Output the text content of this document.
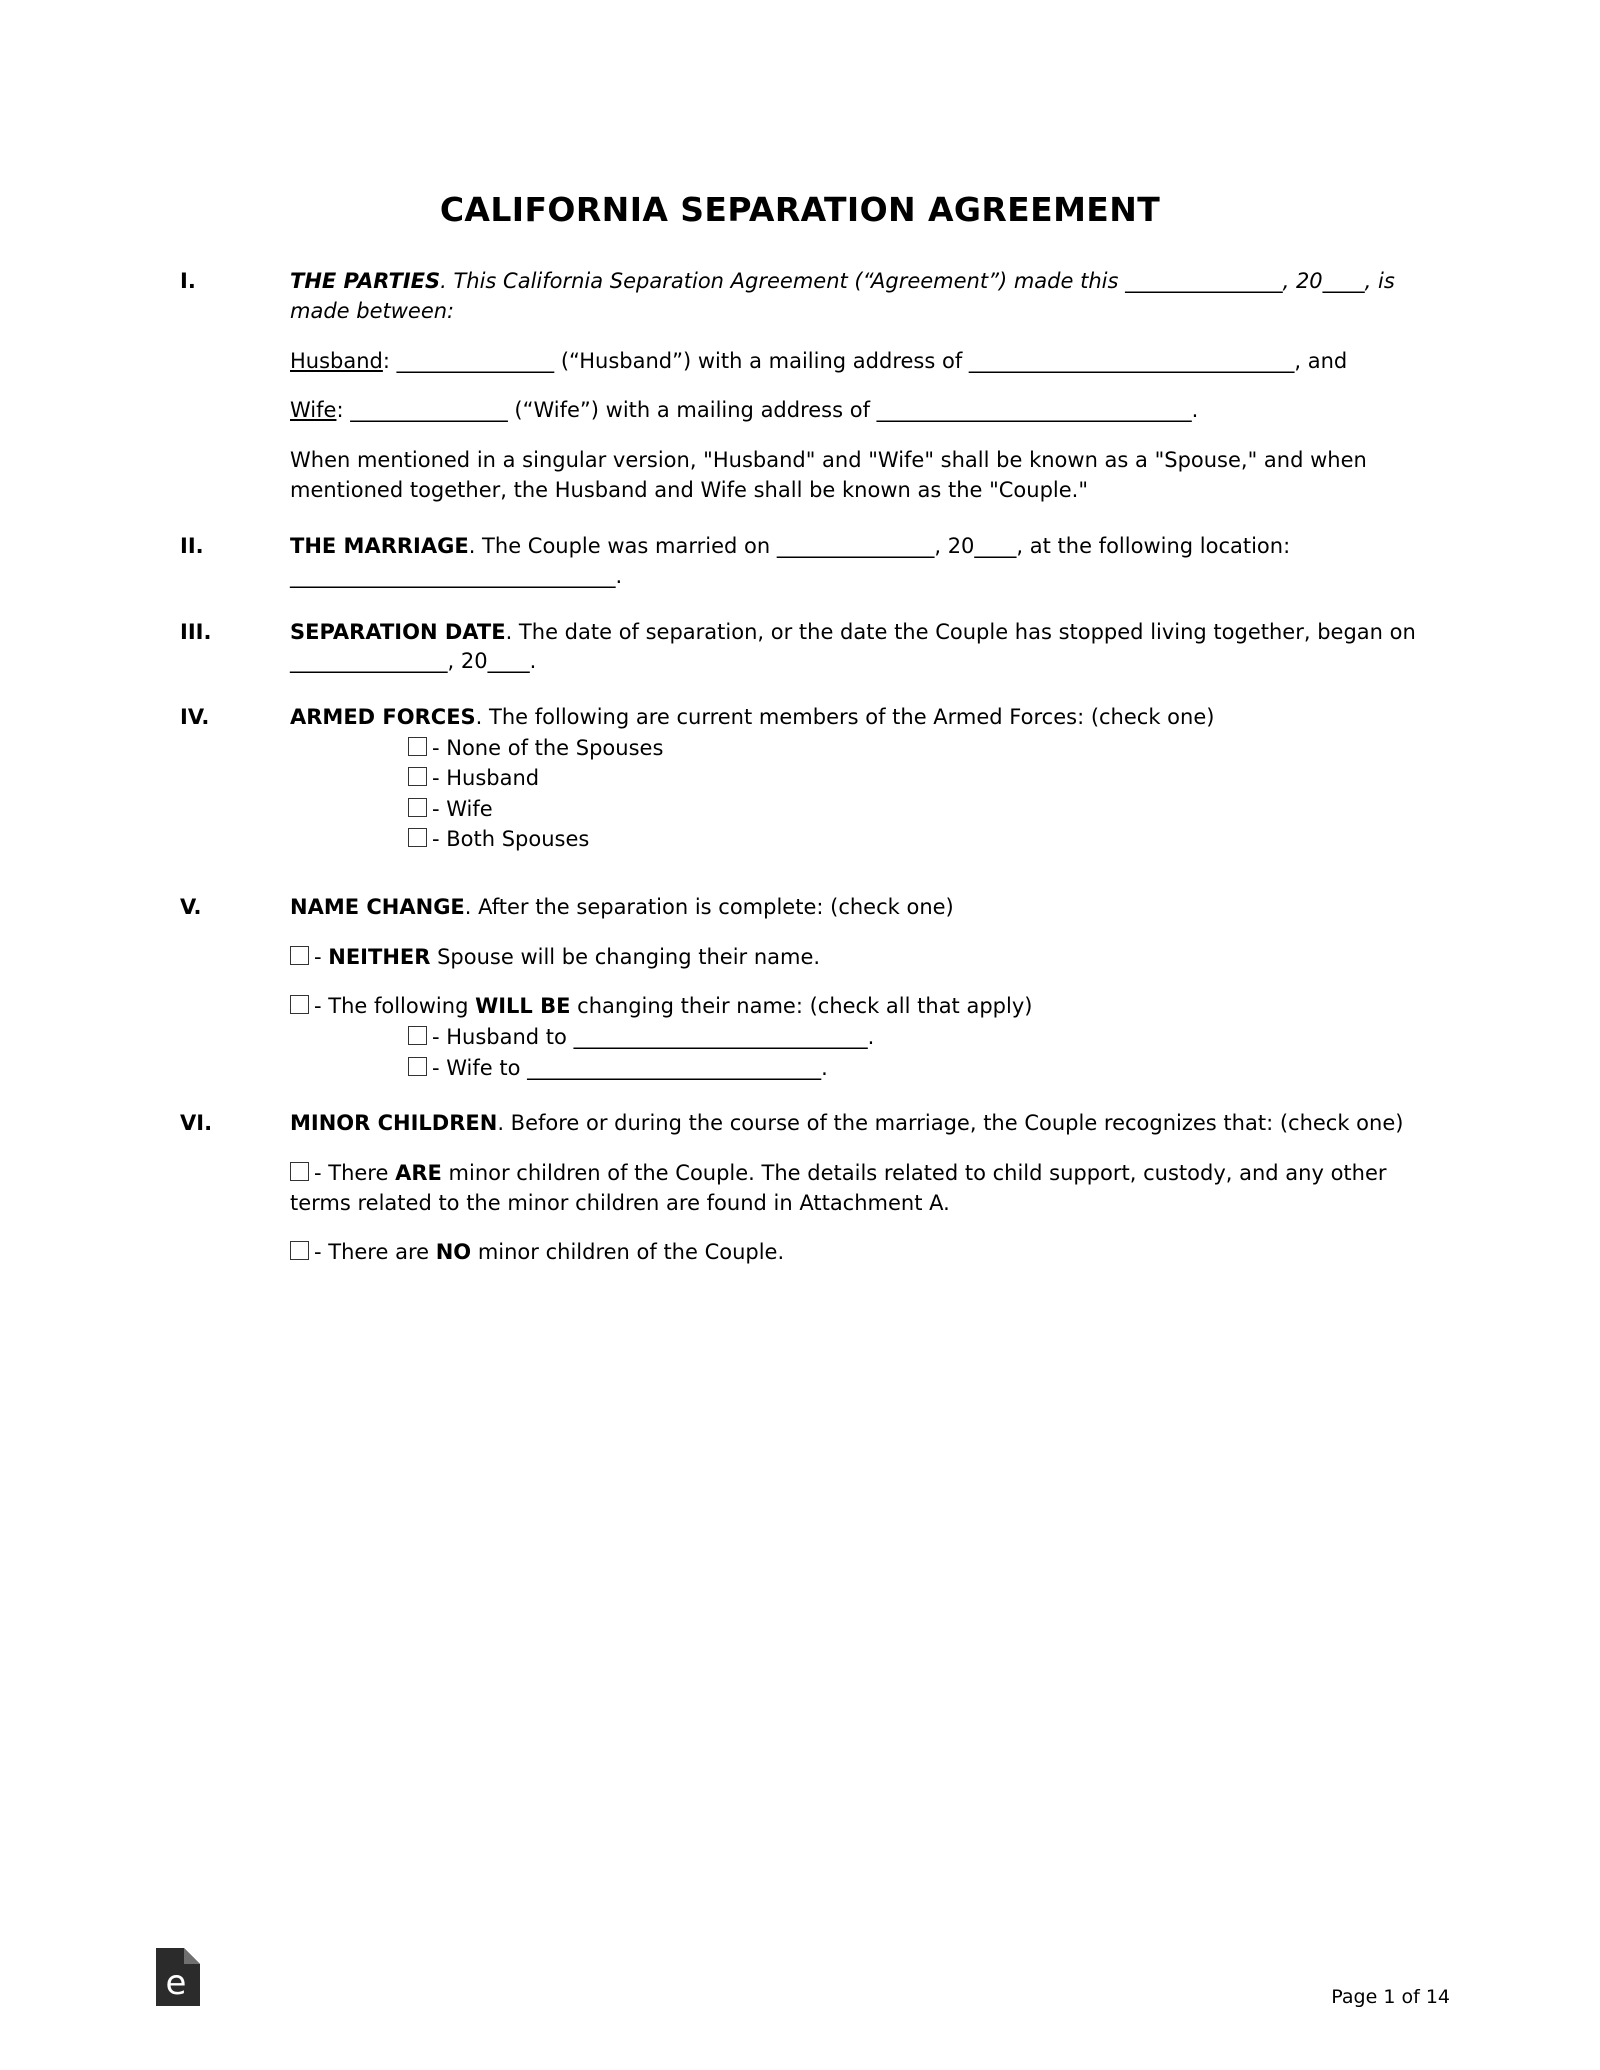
CALIFORNIA SEPARATION AGREEMENT
I.	THE PARTIES. This California Separation Agreement (“Agreement”) made this _______________, 20____, is made between:

Husband: _______________ (“Husband”) with a mailing address of _______________________________, and

Wife: _______________ (“Wife”) with a mailing address of ______________________________.

When mentioned in a singular version, "Husband" and "Wife" shall be known as a "Spouse," and when mentioned together, the Husband and Wife shall be known as the "Couple."

II.	THE MARRIAGE. The Couple was married on _______________, 20____, at the following location: _______________________________.

III.	SEPARATION DATE. The date of separation, or the date the Couple has stopped living together, began on _______________, 20____.

IV.	ARMED FORCES. The following are current members of the Armed Forces: (check one)

- None of the Spouses

- Husband

- Wife

- Both Spouses

V.	NAME CHANGE. After the separation is complete: (check one)

- NEITHER Spouse will be changing their name.

- The following WILL BE changing their name: (check all that apply)

- Husband to ____________________________.

- Wife to ____________________________.

VI.	MINOR CHILDREN. Before or during the course of the marriage, the Couple recognizes that: (check one)

- There ARE minor children of the Couple. The details related to child support, custody, and any other terms related to the minor children are found in Attachment A.

- There are NO minor children of the Couple.

e	Page 1 of 14
